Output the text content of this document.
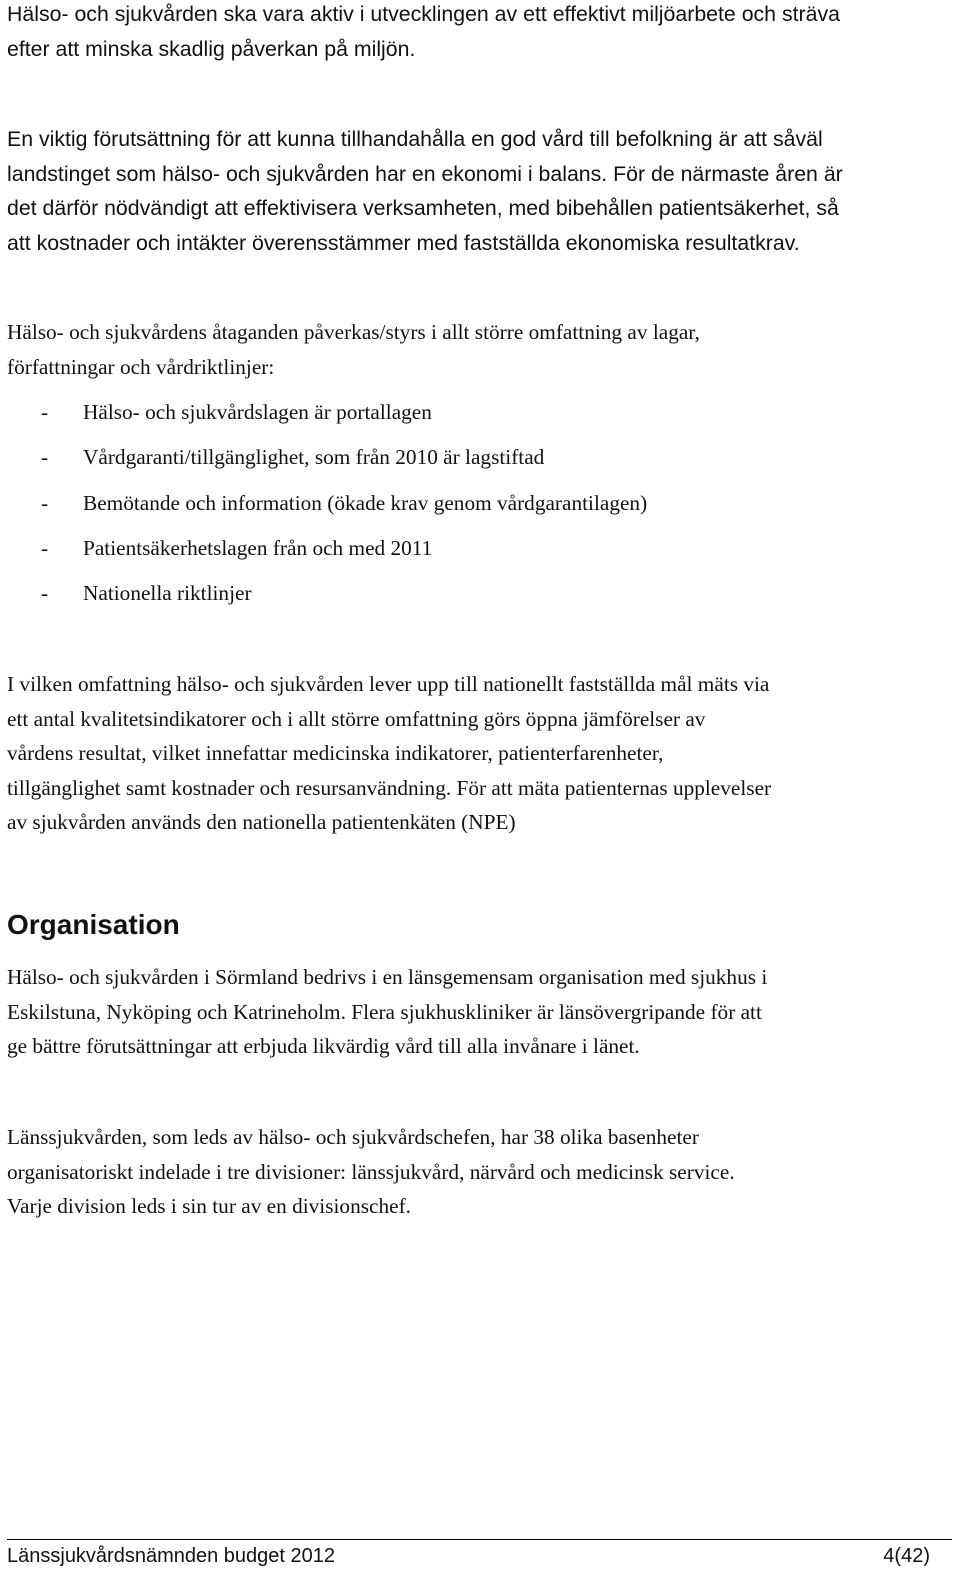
Hälso- och sjukvården ska vara aktiv i utvecklingen av ett effektivt miljöarbete och sträva
efter att minska skadlig påverkan på miljön.

En viktig förutsättning för att kunna tillhandahålla en god vård till befolkning är att såväl
landstinget som hälso- och sjukvården har en ekonomi i balans. För de närmaste åren är
det därför nödvändigt att effektivisera verksamheten, med bibehållen patientsäkerhet, så
att kostnader och intäkter överensstämmer med fastställda ekonomiska resultatkrav.

Hälso- och sjukvårdens åtaganden påverkas/styrs i allt större omfattning av lagar,
författningar och vårdriktlinjer:

- Hälso- och sjukvårdslagen är portallagen
- Vårdgaranti/tillgänglighet, som från 2010 är lagstiftad
- Bemötande och information (ökade krav genom vårdgarantilagen)
- Patientsäkerhetslagen från och med 2011
- Nationella riktlinjer

I vilken omfattning hälso- och sjukvården lever upp till nationellt fastställda mål mäts via
ett antal kvalitetsindikatorer och i allt större omfattning görs öppna jämförelser av
vårdens resultat, vilket innefattar medicinska indikatorer, patienterfarenheter,
tillgänglighet samt kostnader och resursanvändning. För att mäta patienternas upplevelser
av sjukvården används den nationella patientenkäten (NPE)

Organisation

Hälso- och sjukvården i Sörmland bedrivs i en länsgemensam organisation med sjukhus i
Eskilstuna, Nyköping och Katrineholm. Flera sjukhuskliniker är länsövergripande för att
ge bättre förutsättningar att erbjuda likvärdig vård till alla invånare i länet.

Länssjukvården, som leds av hälso- och sjukvårdschefen, har 38 olika basenheter
organisatoriskt indelade i tre divisioner: länssjukvård, närvård och medicinsk service.
Varje division leds i sin tur av en divisionschef.

Länssjukvårdsnämnden budget 2012	4(42)
